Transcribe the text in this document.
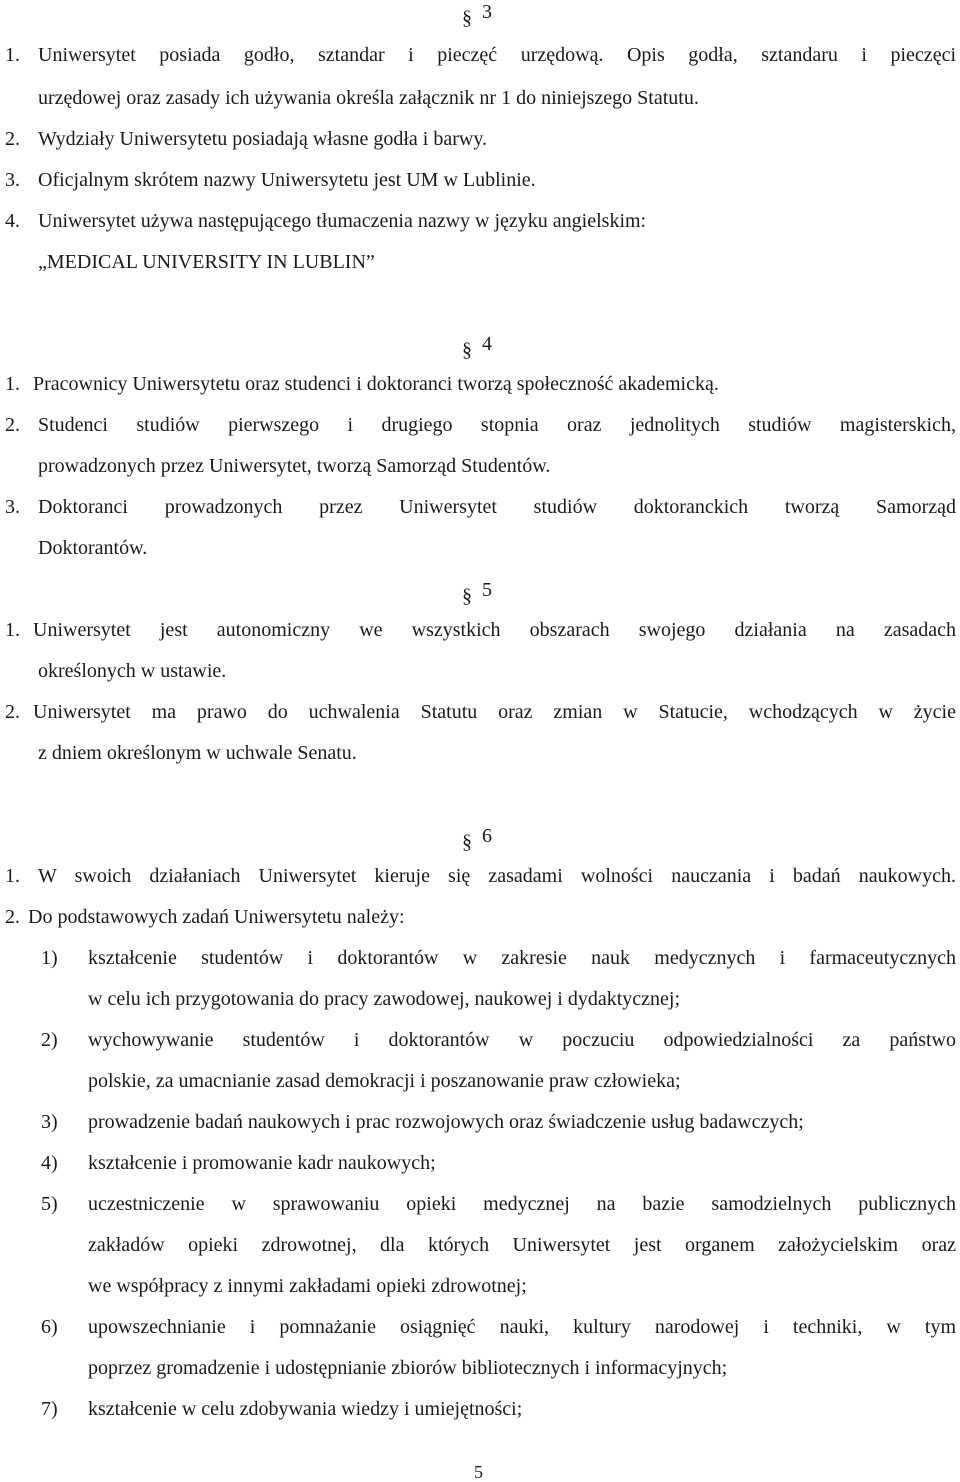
§ 3
1. Uniwersytet posiada godło, sztandar i pieczęć urzędową. Opis godła, sztandaru i pieczęci
urzędowej oraz zasady ich używania określa załącznik nr 1 do niniejszego Statutu.
2. Wydziały Uniwersytetu posiadają własne godła i barwy.
3. Oficjalnym skrótem nazwy Uniwersytetu jest UM w Lublinie.
4. Uniwersytet używa następującego tłumaczenia nazwy w języku angielskim:
„MEDICAL UNIVERSITY IN LUBLIN”
§ 4
1. Pracownicy Uniwersytetu oraz studenci i doktoranci tworzą społeczność akademicką.
2. Studenci studiów pierwszego i drugiego stopnia oraz jednolitych studiów magisterskich,
prowadzonych przez Uniwersytet, tworzą Samorząd Studentów.
3. Doktoranci prowadzonych przez Uniwersytet studiów doktoranckich tworzą Samorząd
Doktorantów.
§ 5
1. Uniwersytet jest autonomiczny we wszystkich obszarach swojego działania na zasadach
określonych w ustawie.
2. Uniwersytet ma prawo do uchwalenia Statutu oraz zmian w Statucie, wchodzących w życie
z dniem określonym w uchwale Senatu.
§ 6
1. W swoich działaniach Uniwersytet kieruje się zasadami wolności nauczania i badań naukowych.
2. Do podstawowych zadań Uniwersytetu należy:
1) kształcenie studentów i doktorantów w zakresie nauk medycznych i farmaceutycznych
w celu ich przygotowania do pracy zawodowej, naukowej i dydaktycznej;
2) wychowywanie studentów i doktorantów w poczuciu odpowiedzialności za państwo
polskie, za umacnianie zasad demokracji i poszanowanie praw człowieka;
3) prowadzenie badań naukowych i prac rozwojowych oraz świadczenie usług badawczych;
4) kształcenie i promowanie kadr naukowych;
5) uczestniczenie w sprawowaniu opieki medycznej na bazie samodzielnych publicznych
zakładów opieki zdrowotnej, dla których Uniwersytet jest organem założycielskim oraz
we współpracy z innymi zakładami opieki zdrowotnej;
6) upowszechnianie i pomnażanie osiągnięć nauki, kultury narodowej i techniki, w tym
poprzez gromadzenie i udostępnianie zbiorów bibliotecznych i informacyjnych;
7) kształcenie w celu zdobywania wiedzy i umiejętności;
5
